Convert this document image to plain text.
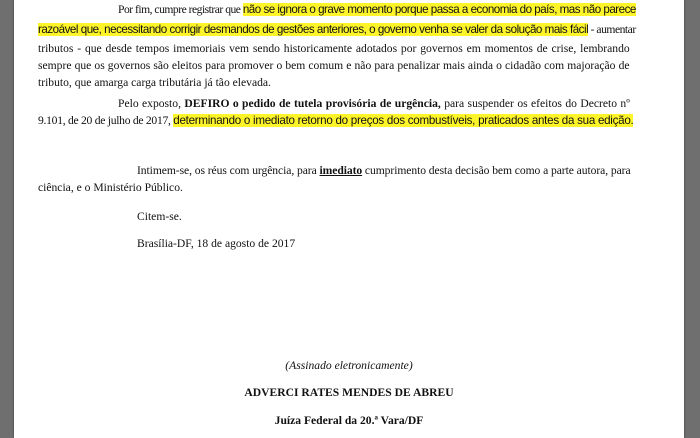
Por fim, cumpre registrar que não se ignora o grave momento porque passa a economia do país, mas não parece
razoável que, necessitando corrigir desmandos de gestões anteriores, o governo venha se valer da solução mais fácil - aumentar
tributos - que desde tempos imemoriais vem sendo historicamente adotados por governos em momentos de crise, lembrando
sempre que os governos são eleitos para promover o bem comum e não para penalizar mais ainda o cidadão com majoração de
tributo, que amarga carga tributária já tão elevada.
Pelo exposto, DEFIRO o pedido de tutela provisória de urgência, para suspender os efeitos do Decreto nº
9.101, de 20 de julho de 2017, determinando o imediato retorno do preços dos combustíveis, praticados antes da sua edição.
Intimem-se, os réus com urgência, para imediato cumprimento desta decisão bem como a parte autora, para
ciência, e o Ministério Público.
Citem-se.
Brasília-DF, 18 de agosto de 2017
(Assinado eletronicamente)
ADVERCI RATES MENDES DE ABREU
Juíza Federal da 20.ª Vara/DF
